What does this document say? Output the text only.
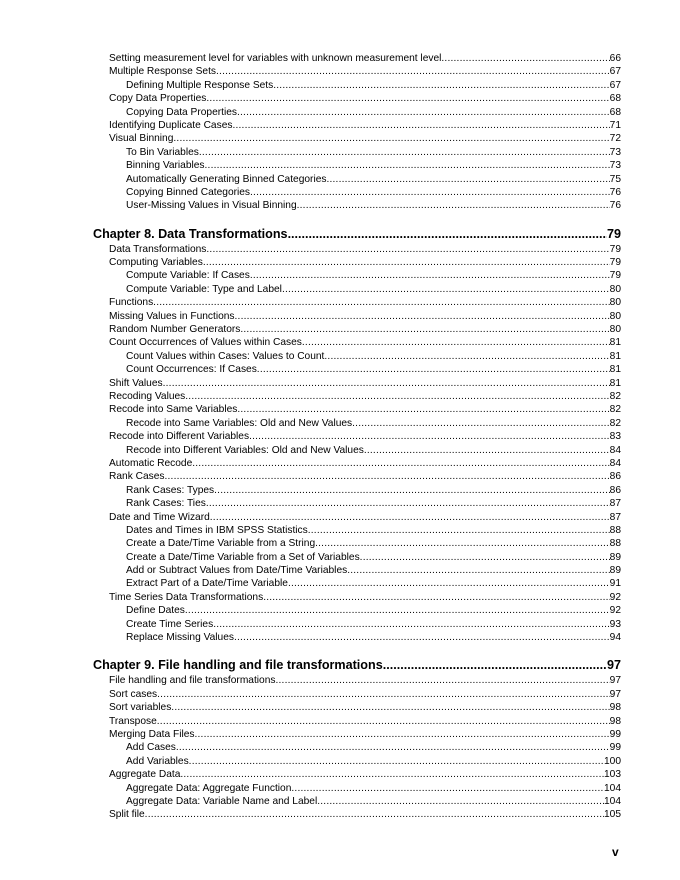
Setting measurement level for variables with unknown measurement level .....	66
Multiple Response Sets .....	67
Defining Multiple Response Sets .....	67
Copy Data Properties .....	68
Copying Data Properties .....	68
Identifying Duplicate Cases .....	71
Visual Binning .....	72
To Bin Variables .....	73
Binning Variables .....	73
Automatically Generating Binned Categories .....	75
Copying Binned Categories .....	76
User-Missing Values in Visual Binning .....	76
Chapter 8. Data Transformations .....	79
Data Transformations .....	79
Computing Variables .....	79
Compute Variable: If Cases .....	79
Compute Variable: Type and Label .....	80
Functions .....	80
Missing Values in Functions .....	80
Random Number Generators .....	80
Count Occurrences of Values within Cases .....	81
Count Values within Cases: Values to Count .....	81
Count Occurrences: If Cases .....	81
Shift Values .....	81
Recoding Values .....	82
Recode into Same Variables .....	82
Recode into Same Variables: Old and New Values .....	82
Recode into Different Variables .....	83
Recode into Different Variables: Old and New Values .....	84
Automatic Recode .....	84
Rank Cases .....	86
Rank Cases: Types .....	86
Rank Cases: Ties .....	87
Date and Time Wizard .....	87
Dates and Times in IBM SPSS Statistics .....	88
Create a Date/Time Variable from a String .....	88
Create a Date/Time Variable from a Set of Variables .....	89
Add or Subtract Values from Date/Time Variables .....	89
Extract Part of a Date/Time Variable .....	91
Time Series Data Transformations .....	92
Define Dates .....	92
Create Time Series .....	93
Replace Missing Values .....	94
Chapter 9. File handling and file transformations .....	97
File handling and file transformations .....	97
Sort cases .....	97
Sort variables .....	98
Transpose .....	98
Merging Data Files .....	99
Add Cases .....	99
Add Variables .....	100
Aggregate Data .....	103
Aggregate Data: Aggregate Function .....	104
Aggregate Data: Variable Name and Label .....	104
Split file .....	105
v
